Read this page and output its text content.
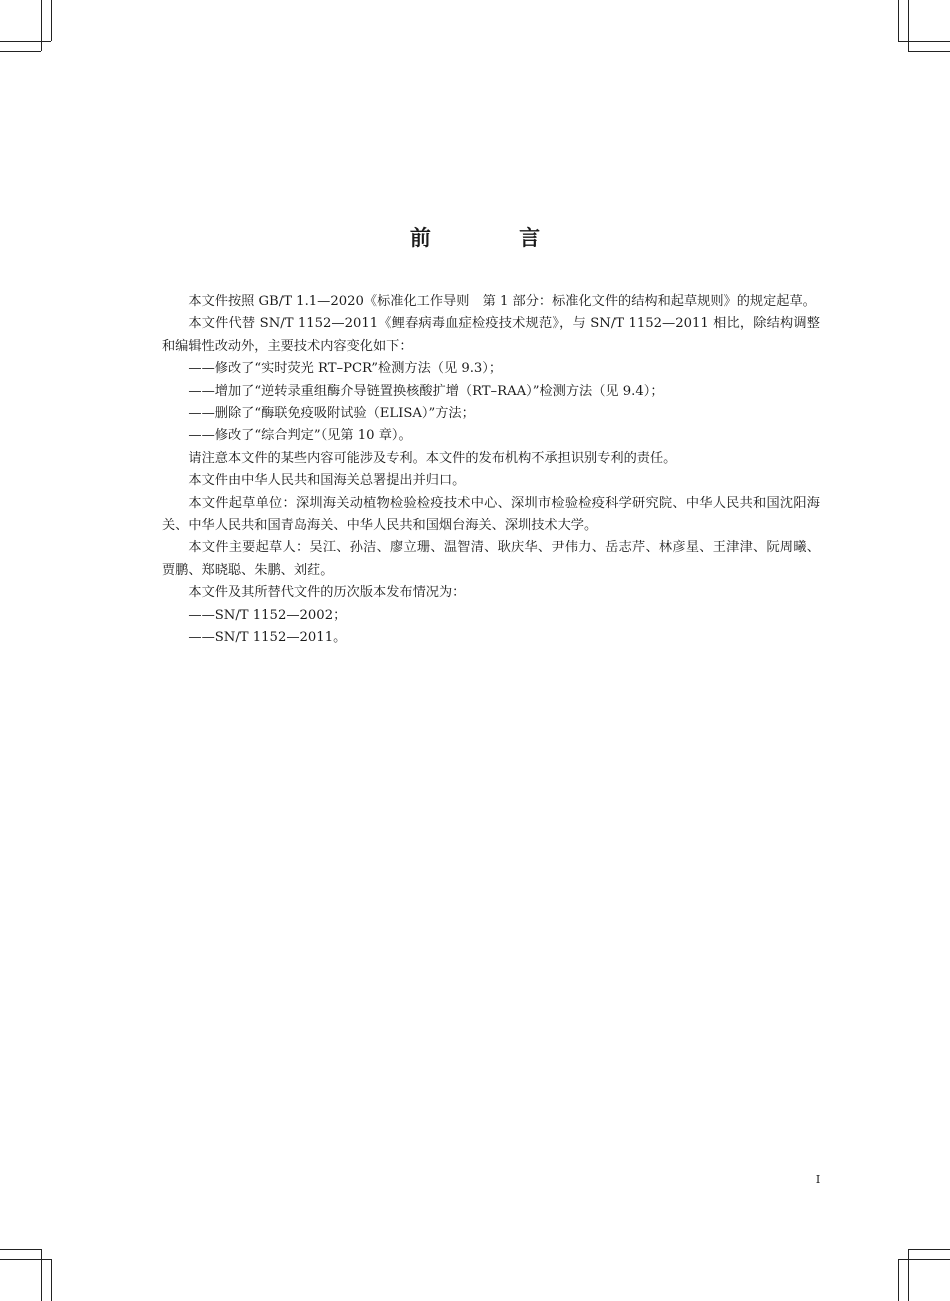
前　言

本文件按照 GB/T 1.1—2020《标准化工作导则　第 1 部分：标准化文件的结构和起草规则》的规定起草。

本文件代替 SN/T 1152—2011《鲤春病毒血症检疫技术规范》，与 SN/T 1152—2011 相比，除结构调整和编辑性改动外，主要技术内容变化如下：

——修改了“实时荧光 RT–PCR”检测方法（见 9.3）；

——增加了“逆转录重组酶介导链置换核酸扩增（RT–RAA）”检测方法（见 9.4）；

——删除了“酶联免疫吸附试验（ELISA）”方法；

——修改了“综合判定”（见第 10 章）。

请注意本文件的某些内容可能涉及专利。本文件的发布机构不承担识别专利的责任。

本文件由中华人民共和国海关总署提出并归口。

本文件起草单位：深圳海关动植物检验检疫技术中心、深圳市检验检疫科学研究院、中华人民共和国沈阳海关、中华人民共和国青岛海关、中华人民共和国烟台海关、深圳技术大学。

本文件主要起草人：吴江、孙洁、廖立珊、温智清、耿庆华、尹伟力、岳志芹、林彦星、王津津、阮周曦、贾鹏、郑晓聪、朱鹏、刘荭。

本文件及其所替代文件的历次版本发布情况为：

——SN/T 1152—2002；

——SN/T 1152—2011。

I
